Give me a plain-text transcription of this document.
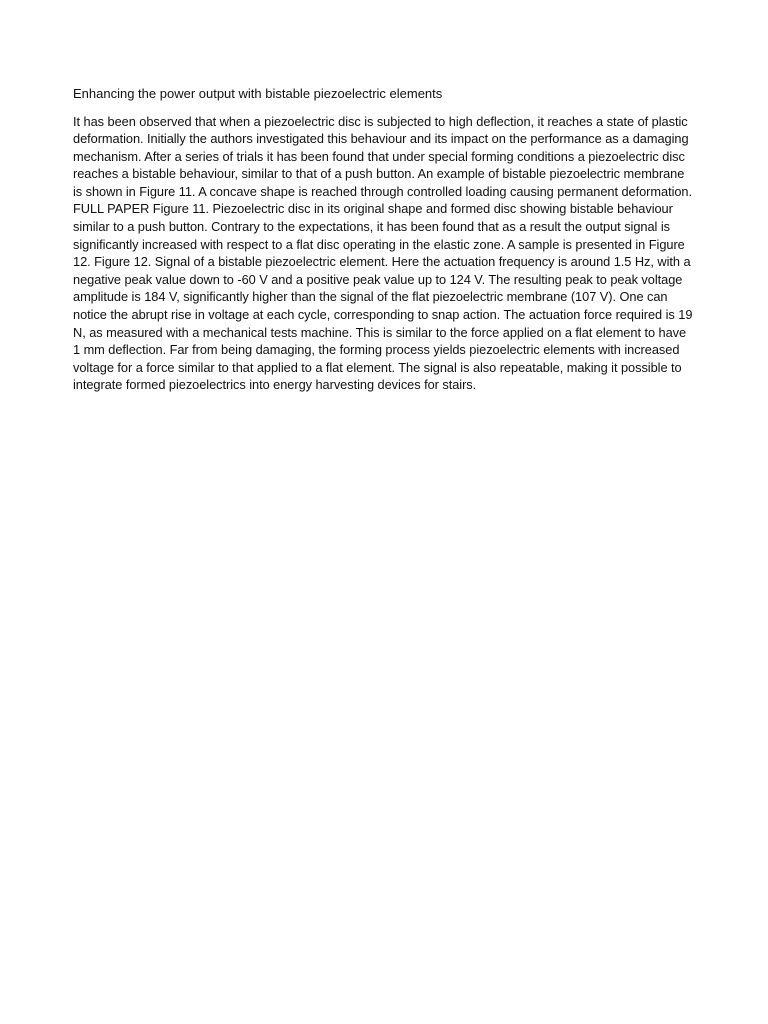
Enhancing the power output with bistable piezoelectric elements

It has been observed that when a piezoelectric disc is subjected to high deflection, it reaches a state of plastic deformation. Initially the authors investigated this behaviour and its impact on the performance as a damaging mechanism. After a series of trials it has been found that under special forming conditions a piezoelectric disc reaches a bistable behaviour, similar to that of a push button. An example of bistable piezoelectric membrane is shown in Figure 11. A concave shape is reached through controlled loading causing permanent deformation. FULL PAPER Figure 11. Piezoelectric disc in its original shape and formed disc showing bistable behaviour similar to a push button. Contrary to the expectations, it has been found that as a result the output signal is significantly increased with respect to a flat disc operating in the elastic zone. A sample is presented in Figure 12. Figure 12. Signal of a bistable piezoelectric element. Here the actuation frequency is around 1.5 Hz, with a negative peak value down to -60 V and a positive peak value up to 124 V. The resulting peak to peak voltage amplitude is 184 V, significantly higher than the signal of the flat piezoelectric membrane (107 V). One can notice the abrupt rise in voltage at each cycle, corresponding to snap action. The actuation force required is 19 N, as measured with a mechanical tests machine. This is similar to the force applied on a flat element to have 1 mm deflection. Far from being damaging, the forming process yields piezoelectric elements with increased voltage for a force similar to that applied to a flat element. The signal is also repeatable, making it possible to integrate formed piezoelectrics into energy harvesting devices for stairs.
